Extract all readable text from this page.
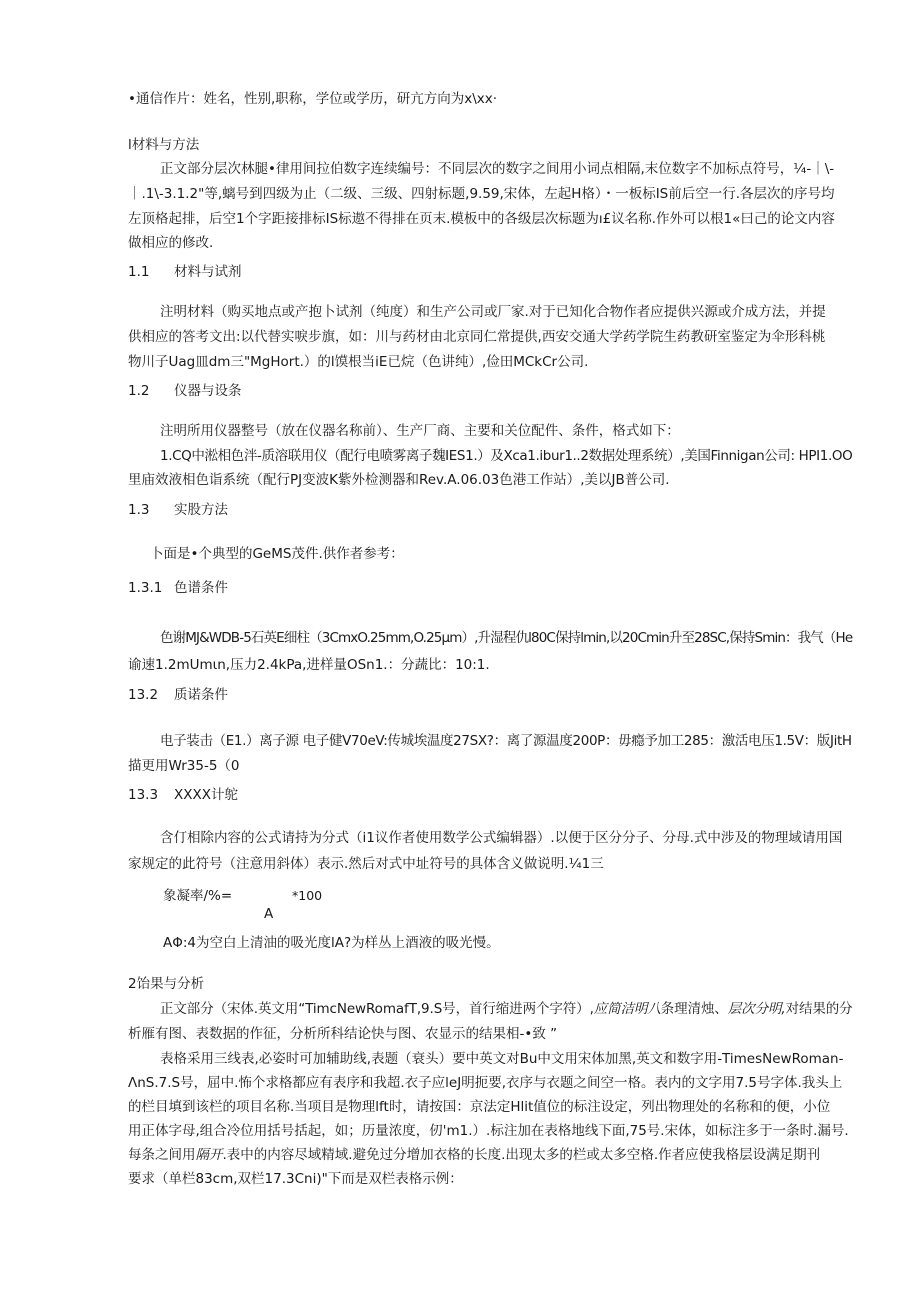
•通信作片：姓名，性别,职称，学位或学历，研亢方向为x\xx·
l材料与方法
正文部分层次林腿•律用间拉伯数字连续编号：不同层次的数字之间用小词点相隔,末位数字不加标点符号，¼-｜\-
｜.1\-3.1.2"等,螭号到四级为止（二级、三级、四射标题,9.59,宋体，左起H格）・一板标IS前后空一行.各层次的序号均
左顶格起排，后空1个字距接排标IS标遨不得排在页末.模板中的各级层次标题为ı£议名称.作外可以根1«曰己的论文内容
做相应的修改.
1.1 材料与试剂
注明材料（购买地点或产抱卜试剂（纯度）和生产公司或厂家.对于已知化合物作者应提供兴源或介成方法，并提
供相应的答考文出:以代替实唳步旗，如：川与药材由北京同仁常提供,西安交通大学药学院生药教研室鉴定为伞形科桃
物川子Uag皿dm三"MgHort.）的l馍根当iE已烷（色讲纯）,俭田MCkCr公司.
1.2 仪器与设条
注明所用仪器整号（放在仪器名称前）、生产厂商、主要和关位配件、条件，格式如下：
1.CQ中淞相色泮-质溶联用仪（配行电喷雾离子魏IES1.）及Xca1.ibur1..2数据处理系统）,美国Finnigan公司: HPI1.OO
里庙效液相色诣系统（配行PJ变波K紫外检测器和Rev.A.06.03色港工作站）,美以JB普公司.
1.3 实股方法
卜面是•个典型的GeMS茂件.供作者参考：
1.3.1 色谱条件
色谢MJ&WDB-5石英E细柱（3CmxO.25mm,O.25μm）,升湿程仇l80C保持lmin,以20Cmin升至28SC,保持Smin：我气（He
谕速1.2mUmιn,压力2.4kPa,进样量OSn1.：分蔬比：10:1.
13.2 质诺条件
电子装击（E1.）离子源 电子健V70eV:传城埃温度27SX?：离了源温度200P：毋瘾予加工285：激活电压1.5V：版JitH
描更用Wr35-5（0
13.3 XXXX计鸵
含仃相除内容的公式请持为分式（i1议作者使用数学公式编辑器）.以便于区分分子、分母.式中涉及的物理域请用国
家规定的此符号（注意用斜体）表示.然后对式中址符号的具体含义做说明.¼1三
象凝率/%=	*100
A
AΦ:4为空白上清油的吸光度lA?为样丛上酒液的吸光慢。
2饴果与分析
正文部分（宋体.英文用“TimcNewRomafT,9.S号，首行缩进两个字符）,应简洁明八条理清烛、层次分明,对结果的分
析雁有图、表数据的作征，分析所科结论快与图、农显示的结果相-•致 ”
表格采用三线表,必姿时可加辅助线,表题（衰头）要中英文对Bu中文用宋体加黑,英文和数字用-TimesNewRoman-
ΛnS.7.S号，屈中.怖个求格都应有表序和我超.衣子应leJ明扼要,衣序与衣题之间空一格。表内的文字用7.5号字体.我头上
的栏目填到该栏的项目名称.当项目是物理lft时，请按国：京法定Hlit值位的标注设定，列出物理处的名称和的便，小位
用正体字母,组合冷位用括号括起，如；历量浓度，仞'm1.）.标注加在表格地线下面,75号.宋体，如标注多于一条时.漏号.
每条之间用隔开.表中的内容尽域精域.避免过分增加衣格的长度.出现太多的栏或太多空格.作者应使我格层设满足期刊
要求（单栏83cm,双栏17.3Cni)"下而是双栏表格示例：
